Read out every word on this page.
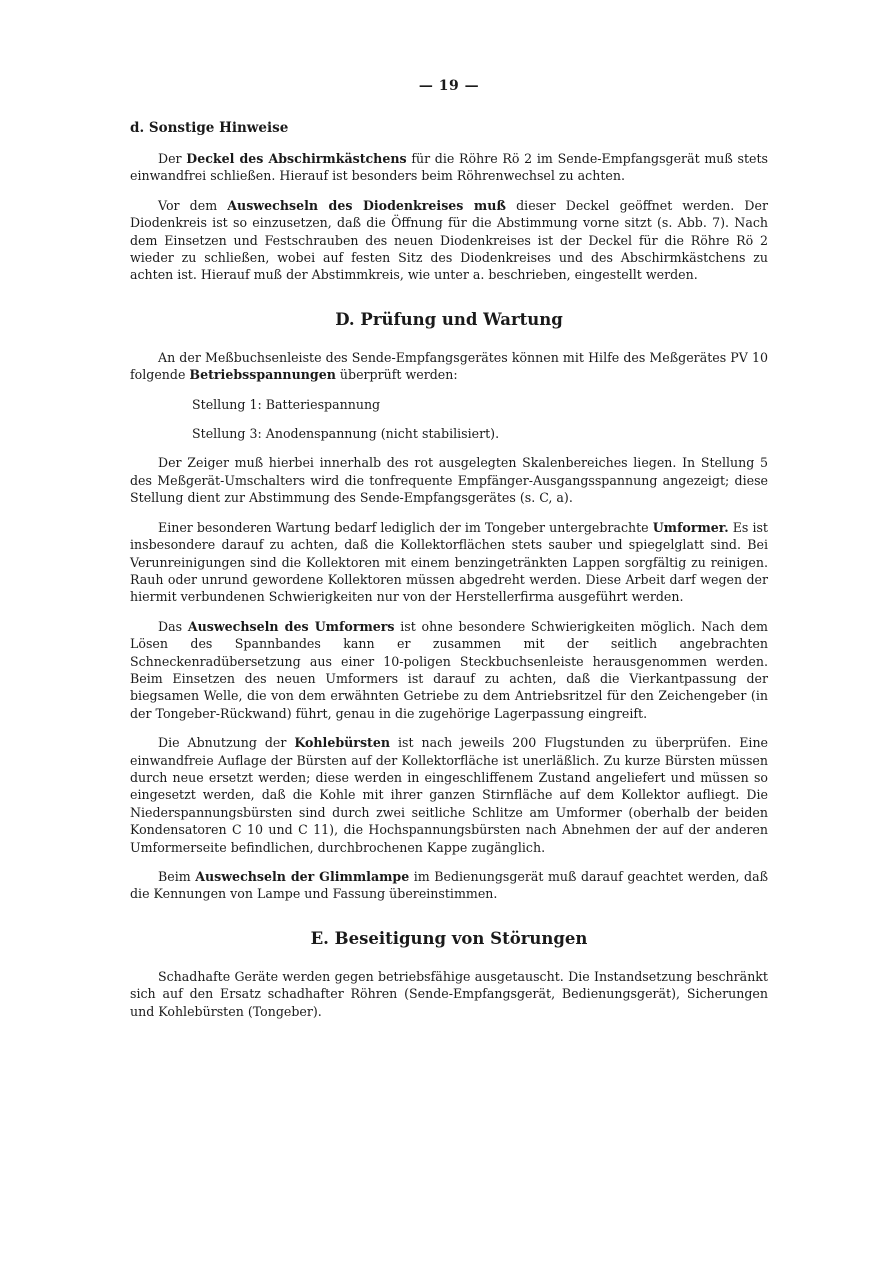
— 19 —
d. Sonstige Hinweise

Der Deckel des Abschirmkästchens für die Röhre Rö 2 im Sende-Empfangsgerät muß stets einwandfrei schließen. Hierauf ist besonders beim Röhrenwechsel zu achten.

Vor dem Auswechseln des Diodenkreises muß dieser Deckel geöffnet werden. Der Diodenkreis ist so einzusetzen, daß die Öffnung für die Abstimmung vorne sitzt (s. Abb. 7). Nach dem Einsetzen und Festschrauben des neuen Diodenkreises ist der Deckel für die Röhre Rö 2 wieder zu schließen, wobei auf festen Sitz des Diodenkreises und des Abschirmkästchens zu achten ist. Hierauf muß der Abstimmkreis, wie unter a. beschrieben, eingestellt werden.

D. Prüfung und Wartung

An der Meßbuchsenleiste des Sende-Empfangsgerätes können mit Hilfe des Meßgerätes PV 10 folgende Betriebsspannungen überprüft werden:

Stellung 1: Batteriespannung
Stellung 3: Anodenspannung (nicht stabilisiert).

Der Zeiger muß hierbei innerhalb des rot ausgelegten Skalenbereiches liegen. In Stellung 5 des Meßgerät-Umschalters wird die tonfrequente Empfänger-Ausgangsspannung angezeigt; diese Stellung dient zur Abstimmung des Sende-Empfangsgerätes (s. C, a).

Einer besonderen Wartung bedarf lediglich der im Tongeber untergebrachte Umformer. Es ist insbesondere darauf zu achten, daß die Kollektorflächen stets sauber und spiegelglatt sind. Bei Verunreinigungen sind die Kollektoren mit einem benzingetränkten Lappen sorgfältig zu reinigen. Rauh oder unrund gewordene Kollektoren müssen abgedreht werden. Diese Arbeit darf wegen der hiermit verbundenen Schwierigkeiten nur von der Herstellerfirma ausgeführt werden.

Das Auswechseln des Umformers ist ohne besondere Schwierigkeiten möglich. Nach dem Lösen des Spannbandes kann er zusammen mit der seitlich angebrachten Schneckenradübersetzung aus einer 10-poligen Steckbuchsenleiste herausgenommen werden. Beim Einsetzen des neuen Umformers ist darauf zu achten, daß die Vierkantpassung der biegsamen Welle, die von dem erwähnten Getriebe zu dem Antriebsritzel für den Zeichengeber (in der Tongeber-Rückwand) führt, genau in die zugehörige Lagerpassung eingreift.

Die Abnutzung der Kohlebürsten ist nach jeweils 200 Flugstunden zu überprüfen. Eine einwandfreie Auflage der Bürsten auf der Kollektorfläche ist unerläßlich. Zu kurze Bürsten müssen durch neue ersetzt werden; diese werden in eingeschliffenem Zustand angeliefert und müssen so eingesetzt werden, daß die Kohle mit ihrer ganzen Stirnfläche auf dem Kollektor aufliegt. Die Niederspannungsbürsten sind durch zwei seitliche Schlitze am Umformer (oberhalb der beiden Kondensatoren C 10 und C 11), die Hochspannungsbürsten nach Abnehmen der auf der anderen Umformerseite befindlichen, durchbrochenen Kappe zugänglich.

Beim Auswechseln der Glimmlampe im Bedienungsgerät muß darauf geachtet werden, daß die Kennungen von Lampe und Fassung übereinstimmen.

E. Beseitigung von Störungen

Schadhafte Geräte werden gegen betriebsfähige ausgetauscht. Die Instandsetzung beschränkt sich auf den Ersatz schadhafter Röhren (Sende-Empfangsgerät, Bedienungsgerät), Sicherungen und Kohlebürsten (Tongeber).
